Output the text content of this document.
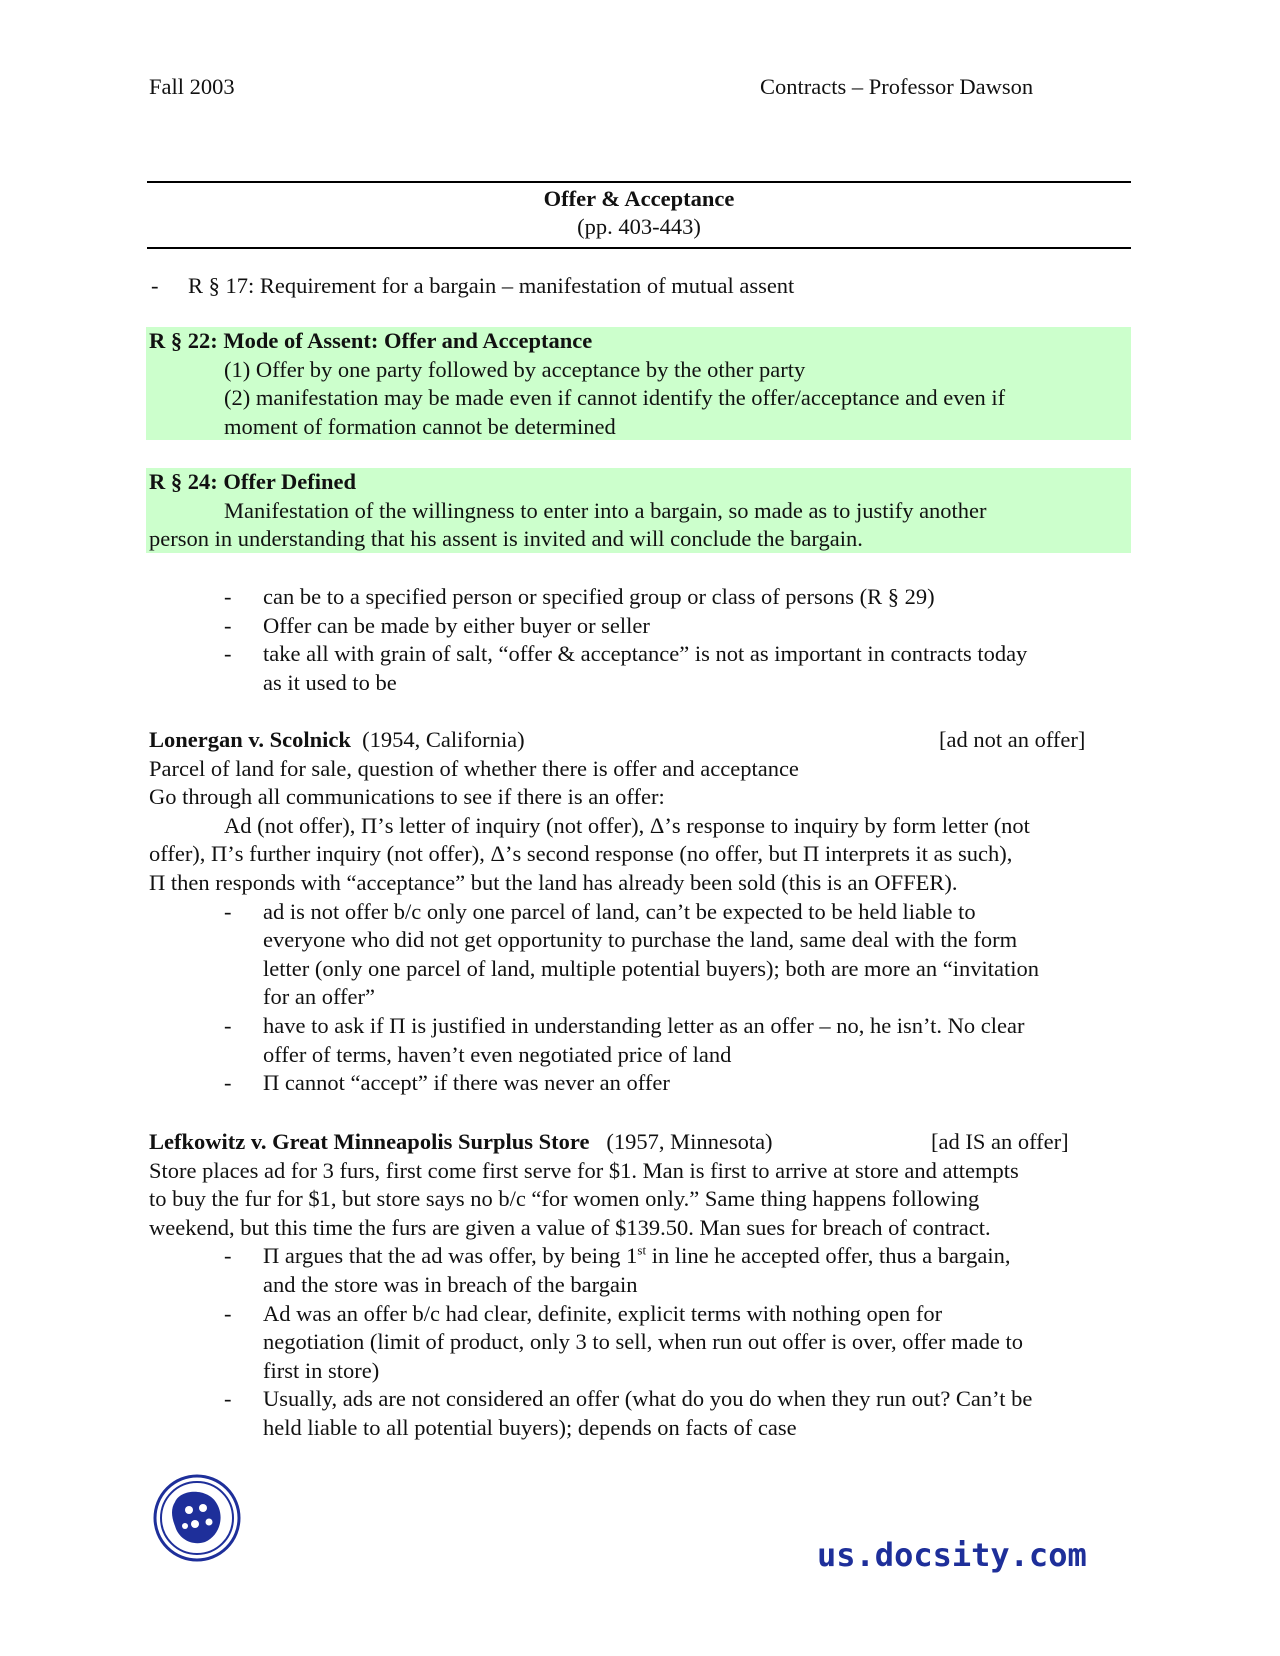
Fall 2003	Contracts – Professor Dawson
Offer & Acceptance
(pp. 403-443)
- R § 17: Requirement for a bargain – manifestation of mutual assent
R § 22: Mode of Assent: Offer and Acceptance
(1) Offer by one party followed by acceptance by the other party
(2) manifestation may be made even if cannot identify the offer/acceptance and even if
moment of formation cannot be determined
R § 24: Offer Defined
Manifestation of the willingness to enter into a bargain, so made as to justify another
person in understanding that his assent is invited and will conclude the bargain.
- can be to a specified person or specified group or class of persons (R § 29)
- Offer can be made by either buyer or seller
- take all with grain of salt, “offer & acceptance” is not as important in contracts today
as it used to be
Lonergan v. Scolnick (1954, California)	[ad not an offer]
Parcel of land for sale, question of whether there is offer and acceptance
Go through all communications to see if there is an offer:
Ad (not offer), Π’s letter of inquiry (not offer), Δ’s response to inquiry by form letter (not
offer), Π’s further inquiry (not offer), Δ’s second response (no offer, but Π interprets it as such),
Π then responds with “acceptance” but the land has already been sold (this is an OFFER).
- ad is not offer b/c only one parcel of land, can’t be expected to be held liable to
everyone who did not get opportunity to purchase the land, same deal with the form
letter (only one parcel of land, multiple potential buyers); both are more an “invitation
for an offer”
- have to ask if Π is justified in understanding letter as an offer – no, he isn’t. No clear
offer of terms, haven’t even negotiated price of land
- Π cannot “accept” if there was never an offer
Lefkowitz v. Great Minneapolis Surplus Store (1957, Minnesota)	[ad IS an offer]
Store places ad for 3 furs, first come first serve for $1. Man is first to arrive at store and attempts
to buy the fur for $1, but store says no b/c “for women only.” Same thing happens following
weekend, but this time the furs are given a value of $139.50. Man sues for breach of contract.
- Π argues that the ad was offer, by being 1st in line he accepted offer, thus a bargain,
and the store was in breach of the bargain
- Ad was an offer b/c had clear, definite, explicit terms with nothing open for
negotiation (limit of product, only 3 to sell, when run out offer is over, offer made to
first in store)
- Usually, ads are not considered an offer (what do you do when they run out? Can’t be
held liable to all potential buyers); depends on facts of case
us.docsity.com
